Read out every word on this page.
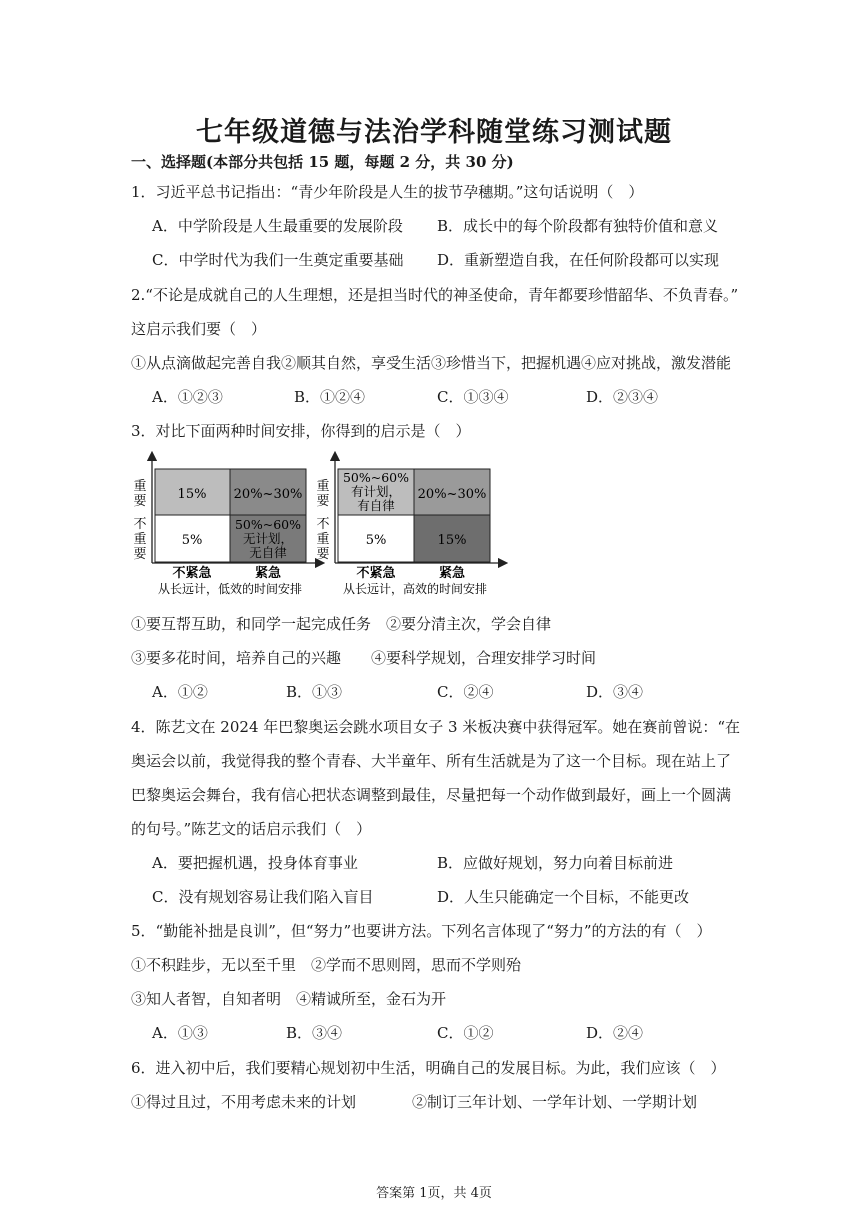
七年级道德与法治学科随堂练习测试题
一、选择题(本部分共包括 15 题，每题 2 分，共 30 分)
1．习近平总书记指出：“青少年阶段是人生的拔节孕穗期。”这句话说明（　）
A．中学阶段是人生最重要的发展阶段 B．成长中的每个阶段都有独特价值和意义
C．中学时代为我们一生奠定重要基础 D．重新塑造自我，在任何阶段都可以实现
2.“不论是成就自己的人生理想，还是担当时代的神圣使命，青年都要珍惜韶华、不负青春。”
这启示我们要（　）
①从点滴做起完善自我②顺其自然，享受生活③珍惜当下，把握机遇④应对挑战，激发潜能
A．①②③	B．①②④	C．①③④	D．②③④
3．对比下面两种时间安排，你得到的启示是（　）
重
要
不
重
要
15% 20%~30%
5%
50%~60%
无计划，
无自律
不紧急	紧急
从长远计，低效的时间安排
重
要
不
重
要
50%~60%
有计划，
有自律
20%~30%
5%	15%
不紧急	紧急
从长远计，高效的时间安排
①要互帮互助，和同学一起完成任务　②要分清主次，学会自律
③要多花时间，培养自己的兴趣　　④要科学规划，合理安排学习时间
A．①②	B．①③	C．②④	D．③④
4．陈艺文在 2024 年巴黎奥运会跳水项目女子 3 米板决赛中获得冠军。她在赛前曾说：“在
奥运会以前，我觉得我的整个青春、大半童年、所有生活就是为了这一个目标。现在站上了
巴黎奥运会舞台，我有信心把状态调整到最佳，尽量把每一个动作做到最好，画上一个圆满
的句号。”陈艺文的话启示我们（　）
A．要把握机遇，投身体育事业	B．应做好规划，努力向着目标前进
C．没有规划容易让我们陷入盲目	D．人生只能确定一个目标，不能更改
5．“勤能补拙是良训”，但“努力”也要讲方法。下列名言体现了“努力”的方法的有（　）
①不积跬步，无以至千里　②学而不思则罔，思而不学则殆
③知人者智，自知者明　④精诚所至，金石为开
A．①③	B．③④	C．①②	D．②④
6．进入初中后，我们要精心规划初中生活，明确自己的发展目标。为此，我们应该（　）
①得过且过，不用考虑未来的计划	②制订三年计划、一学年计划、一学期计划
答案第 1页，共 4页
